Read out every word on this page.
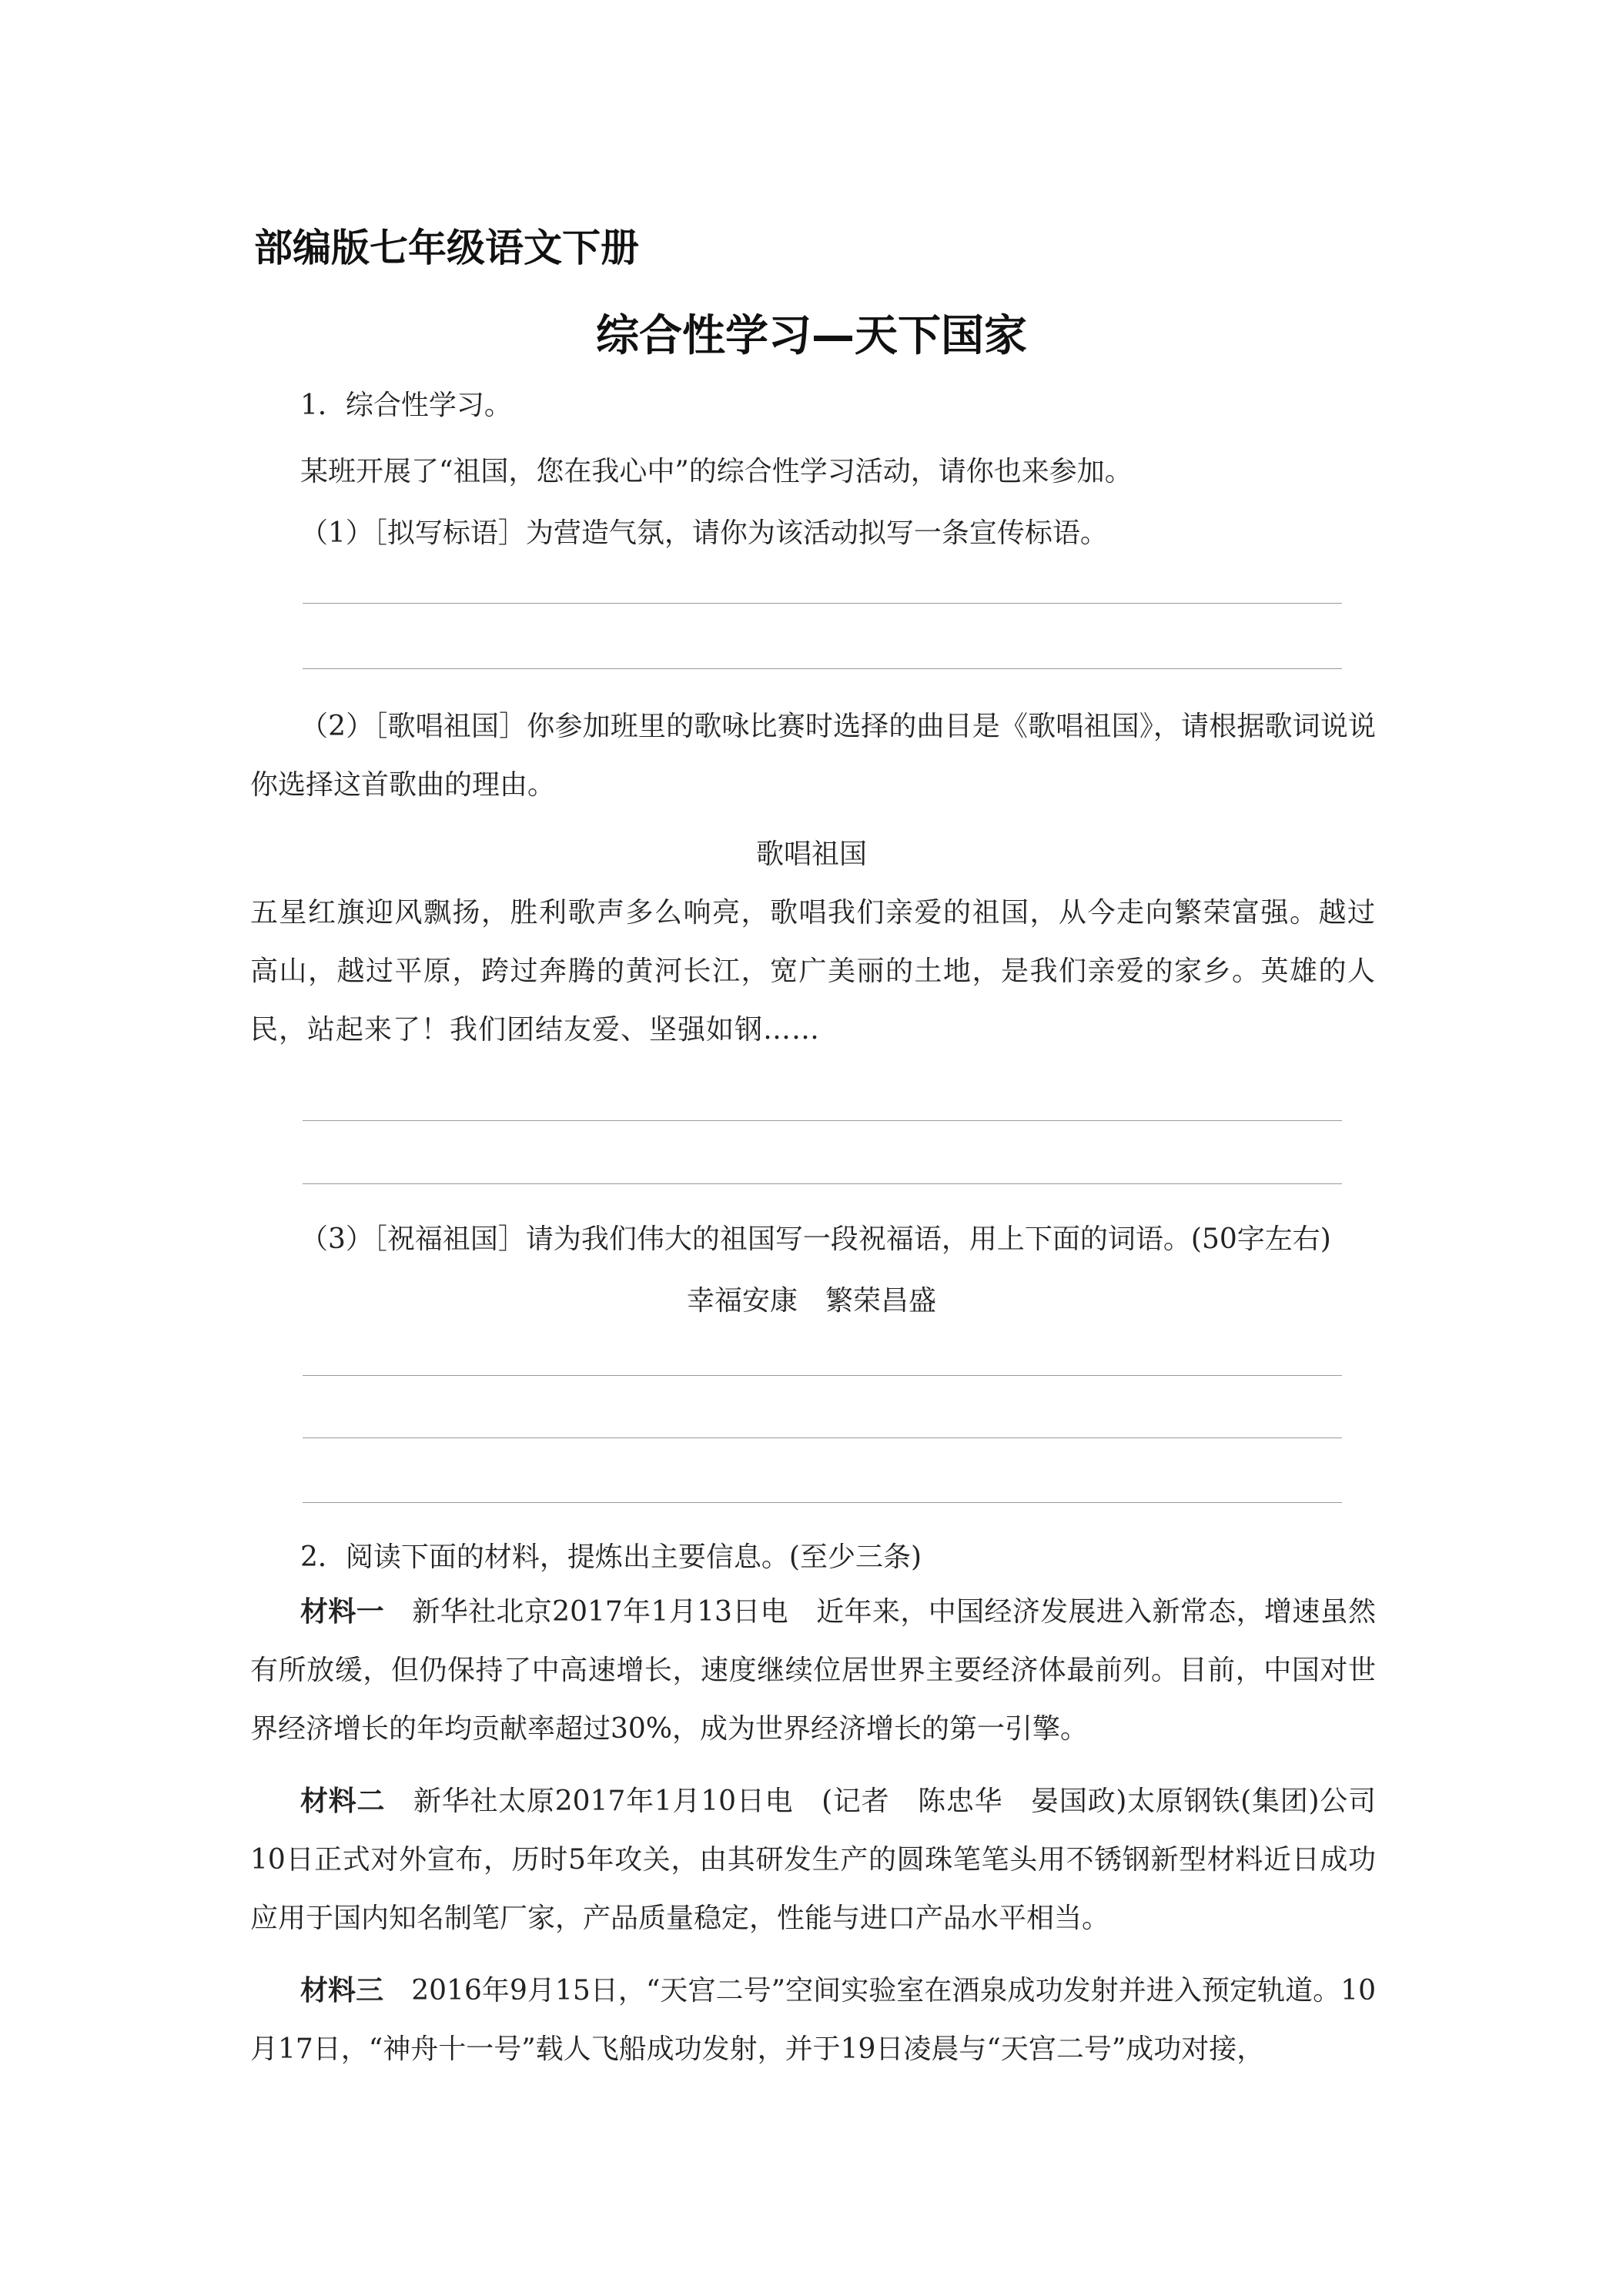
部编版七年级语文下册
综合性学习—天下国家
1．综合性学习。
某班开展了“祖国，您在我心中”的综合性学习活动，请你也来参加。
（1）［拟写标语］为营造气氛，请你为该活动拟写一条宣传标语。
（2）［歌唱祖国］你参加班里的歌咏比赛时选择的曲目是《歌唱祖国》，请根据歌词说说你选择这首歌曲的理由。
歌唱祖国
五星红旗迎风飘扬，胜利歌声多么响亮，歌唱我们亲爱的祖国，从今走向繁荣富强。越过高山，越过平原，跨过奔腾的黄河长江，宽广美丽的土地，是我们亲爱的家乡。英雄的人民，站起来了！我们团结友爱、坚强如钢……
（3）［祝福祖国］请为我们伟大的祖国写一段祝福语，用上下面的词语。(50字左右)
幸福安康　繁荣昌盛
2．阅读下面的材料，提炼出主要信息。(至少三条)
材料一　新华社北京2017年1月13日电　近年来，中国经济发展进入新常态，增速虽然有所放缓，但仍保持了中高速增长，速度继续位居世界主要经济体最前列。目前，中国对世界经济增长的年均贡献率超过30%，成为世界经济增长的第一引擎。
材料二　新华社太原2017年1月10日电　(记者　陈忠华　晏国政)太原钢铁(集团)公司10日正式对外宣布，历时5年攻关，由其研发生产的圆珠笔笔头用不锈钢新型材料近日成功应用于国内知名制笔厂家，产品质量稳定，性能与进口产品水平相当。
材料三　2016年9月15日，“天宫二号”空间实验室在酒泉成功发射并进入预定轨道。10月17日，“神舟十一号”载人飞船成功发射，并于19日凌晨与“天宫二号”成功对接，
